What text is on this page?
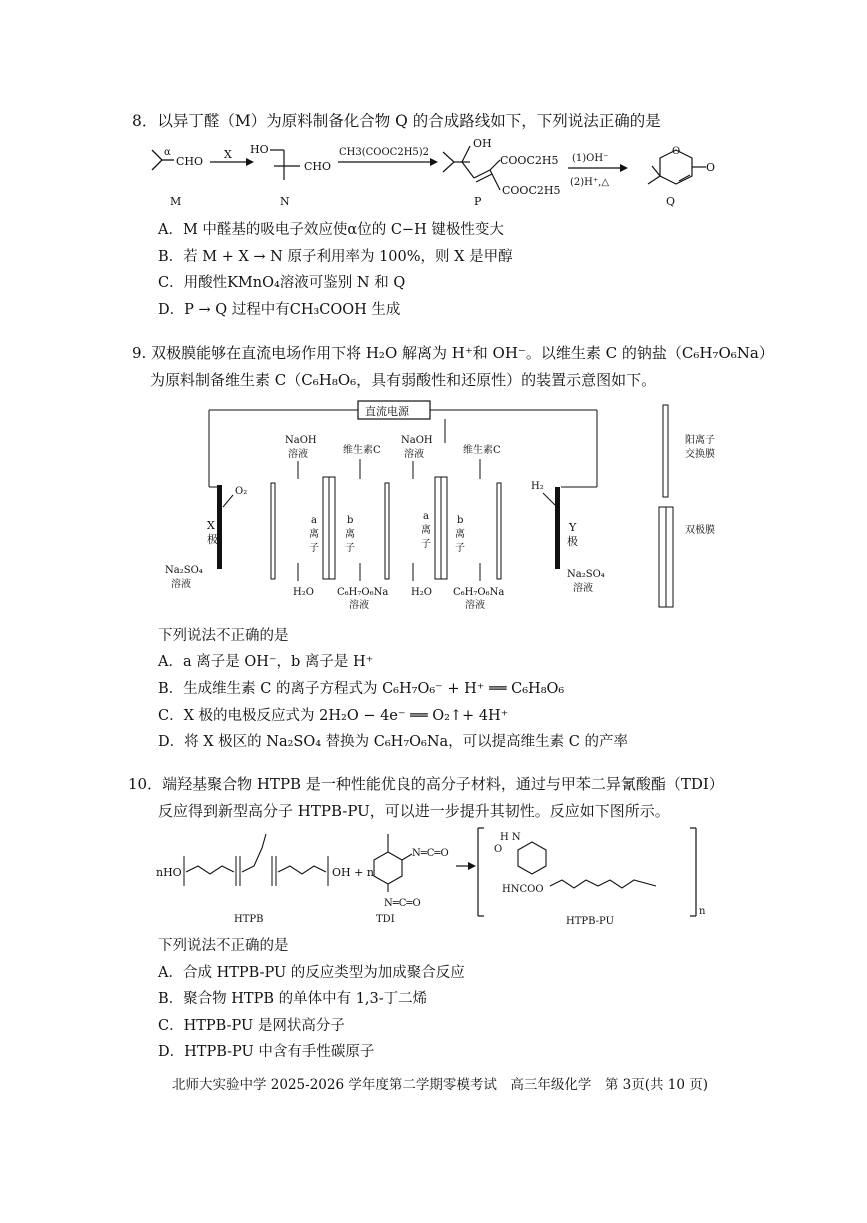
8．以异丁醛（M）为原料制备化合物 Q 的合成路线如下，下列说法正确的是
α
CHO
M
X HO
CHO
N
CH3(COOC2H5)2
OH
COOC2H5
COOC2H5
P
(1)OH⁻
(2)H⁺,△
O
O
Q
A．M 中醛基的吸电子效应使α位的 C−H 键极性变大
B．若 M + X → N 原子利用率为 100%，则 X 是甲醇
C．用酸性KMnO₄溶液可鉴别 N 和 Q
D．P → Q 过程中有CH₃COOH 生成
9. 双极膜能够在直流电场作用下将 H₂O 解离为 H⁺和 OH⁻。以维生素 C 的钠盐（C₆H₇O₆Na）
为原料制备维生素 C（C₆H₈O₆，具有弱酸性和还原性）的装置示意图如下。
直流电源
X
极
Y
极
O₂	H₂
NaOH
溶液	维生素C
NaOH
溶液	维生素C
a
离
子
b
离
子
a
离
子
b
离
子
Na₂SO₄
溶液
H₂O C₆H₇O₆Na
溶液
H₂O C₆H₇O₆Na
溶液
Na₂SO₄
溶液
阳离子
交换膜
双极膜
下列说法不正确的是
A．a 离子是 OH⁻，b 离子是 H⁺
B．生成维生素 C 的离子方程式为 C₆H₇O₆⁻ + H⁺ ══ C₆H₈O₆
C．X 极的电极反应式为 2H₂O − 4e⁻ ══ O₂↑+ 4H⁺
D．将 X 极区的 Na₂SO₄ 替换为 C₆H₇O₆Na，可以提高维生素 C 的产率
10．端羟基聚合物 HTPB 是一种性能优良的高分子材料，通过与甲苯二异氰酸酯（TDI）
反应得到新型高分子 HTPB-PU，可以进一步提升其韧性。反应如下图所示。
nHO	OH + n
HTPB
N═C═O
N═C═O
TDI
O
H N
HNCOO
n
HTPB-PU
下列说法不正确的是
A．合成 HTPB-PU 的反应类型为加成聚合反应
B．聚合物 HTPB 的单体中有 1,3-丁二烯
C．HTPB-PU 是网状高分子
D．HTPB-PU 中含有手性碳原子
北师大实验中学 2025-2026 学年度第二学期零模考试　高三年级化学　第 3页(共 10 页)
